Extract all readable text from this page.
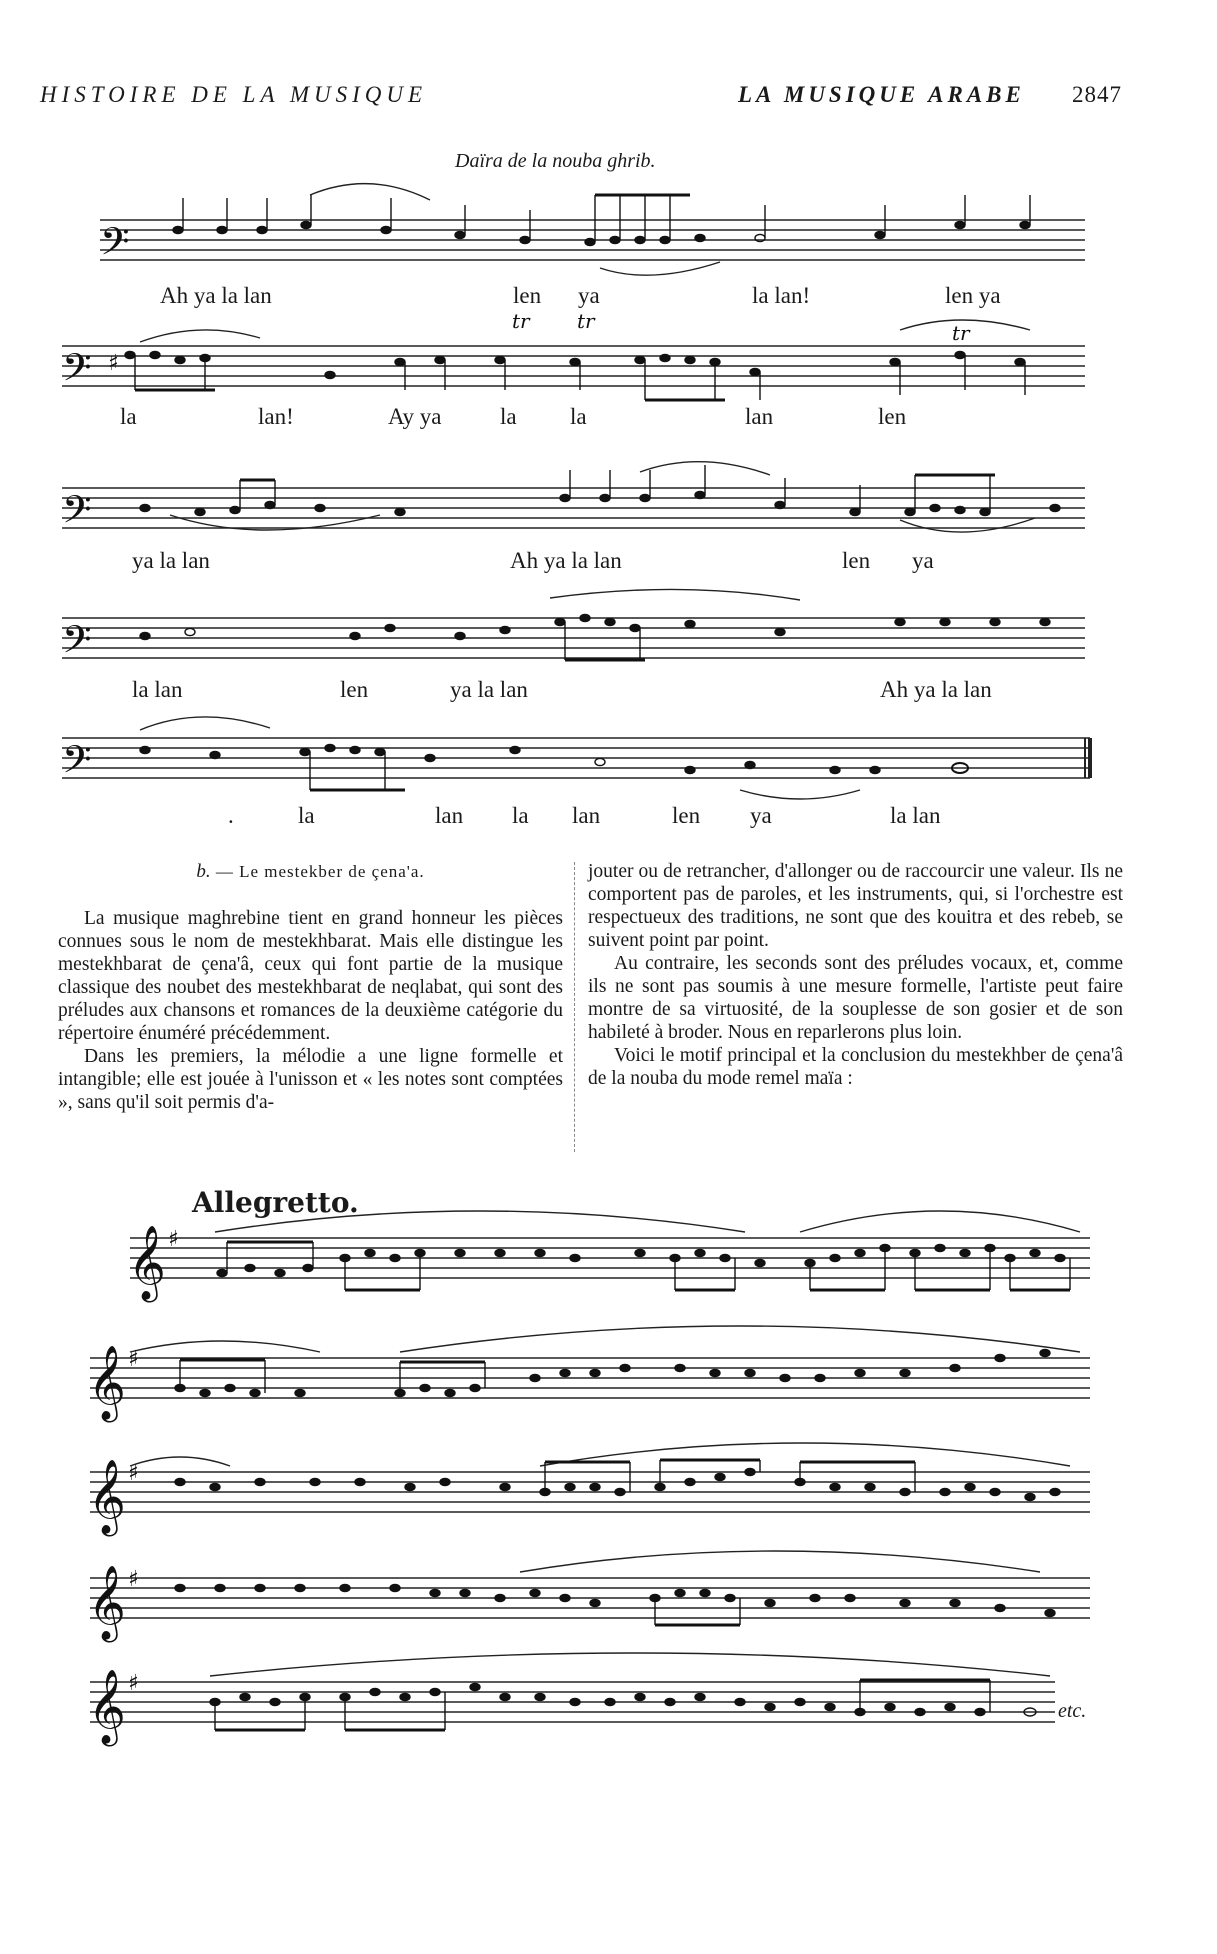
HISTOIRE DE LA MUSIQUE	LA MUSIQUE ARABE 2847
Daïra de la nouba ghrib.
𝄢
𝄢
𝄢
𝄢
𝄢
♯
tr tr	tr
Ah ya la lan	len ya	la lan!	len ya
la	lan!	Ay ya	la la	lan	len
ya la lan	Ah ya la lan	len ya
la lan	len	ya la lan	Ah ya la lan
.	la	lan la lan	len ya	la lan

b. — Le mestekber de çena'a.

La musique maghrebine tient en grand honneur les pièces connues sous le nom de mestekhbarat. Mais elle distingue les mestekhbarat de çena'â, ceux qui font partie de la musique classique des noubet des mestekhbarat de neqlabat, qui sont des préludes aux chansons et romances de la deuxième catégorie du répertoire énuméré précédemment.

Dans les premiers, la mélodie a une ligne formelle et intangible; elle est jouée à l'unisson et « les notes sont comptées », sans qu'il soit permis d'a-

jouter ou de retrancher, d'allonger ou de raccourcir une valeur. Ils ne comportent pas de paroles, et les instruments, qui, si l'orchestre est respectueux des traditions, ne sont que des kouitra et des rebeb, se suivent point par point.

Au contraire, les seconds sont des préludes vocaux, et, comme ils ne sont pas soumis à une mesure formelle, l'artiste peut faire montre de sa virtuosité, de la souplesse de son gosier et de son habileté à broder. Nous en reparlerons plus loin.

Voici le motif principal et la conclusion du mestekhber de çena'â de la nouba du mode remel maïa :

Allegretto.
𝄞
𝄞
𝄞
𝄞
𝄞
♯
♯
♯
♯
♯
etc.
